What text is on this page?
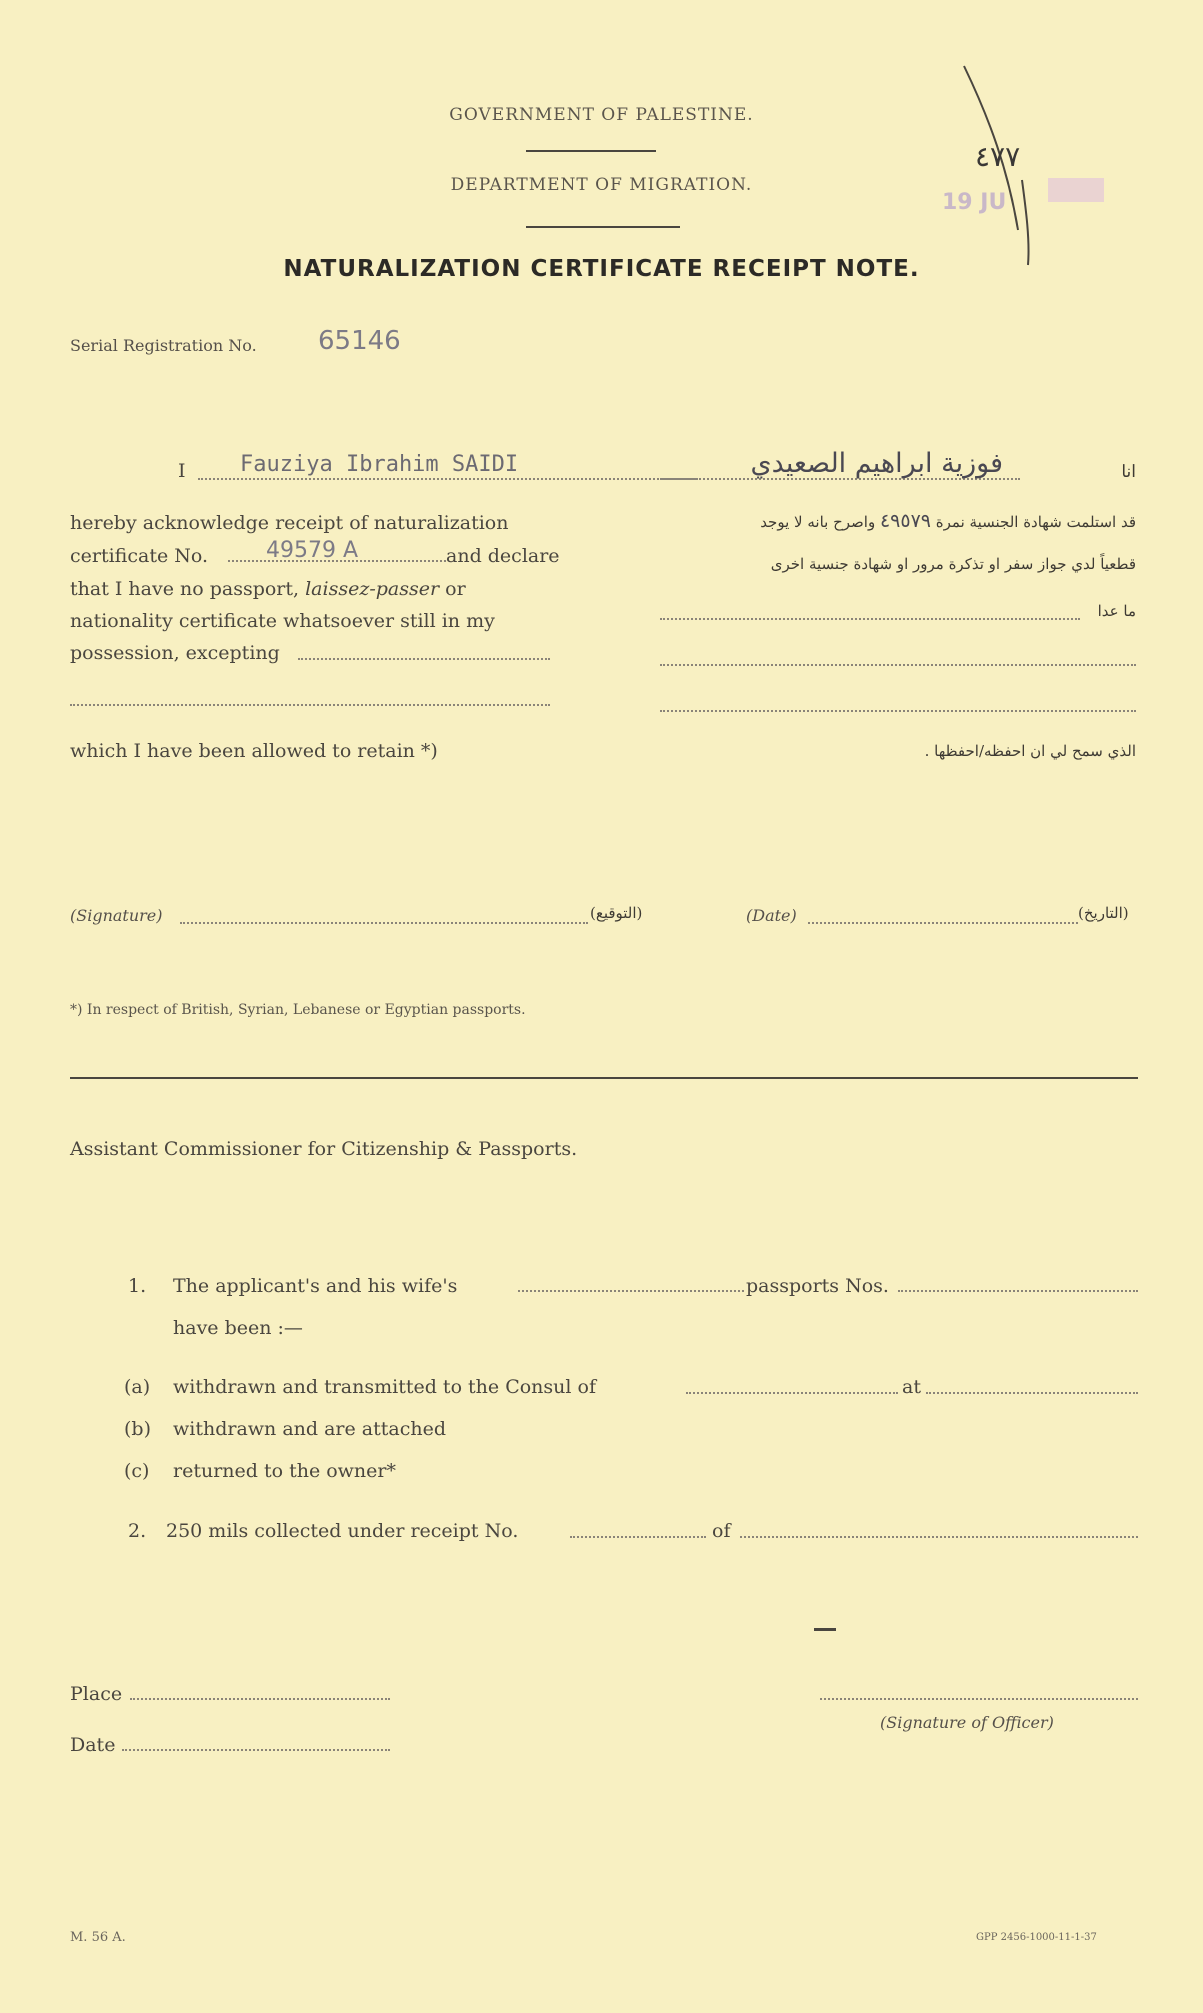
GOVERNMENT OF PALESTINE.
DEPARTMENT OF MIGRATION.
NATURALIZATION CERTIFICATE RECEIPT NOTE.
٤٧٧
19 JU
Serial Registration No. 65146
I Fauziya Ibrahim SAIDI
hereby acknowledge receipt of naturalization
certificate No.	49579 A	and declare
that I have no passport, laissez-passer or
nationality certificate whatsoever still in my
possession, excepting
which I have been allowed to retain *)
انا
فوزية ابراهيم الصعيدي
قد استلمت شهادة الجنسية نمرة ٤٩٥٧٩ واصرح بانه لا يوجد
قطعياً لدي جواز سفر او تذكرة مرور او شهادة جنسية اخرى
ما عدا
الذي سمح لي ان احفظه/احفظها .
(Signature)	(التوقيع)	(Date)	(التاريخ)
*) In respect of British, Syrian, Lebanese or Egyptian passports.
Assistant Commissioner for Citizenship & Passports.
1. The applicant's and his wife's	passports Nos.
have been :—
(a) withdrawn and transmitted to the Consul of	at
(b) withdrawn and are attached
(c) returned to the owner*
2. 250 mils collected under receipt No.	of
Place
(Signature of Officer)
Date
M. 56 A.	GPP 2456-1000-11-1-37
